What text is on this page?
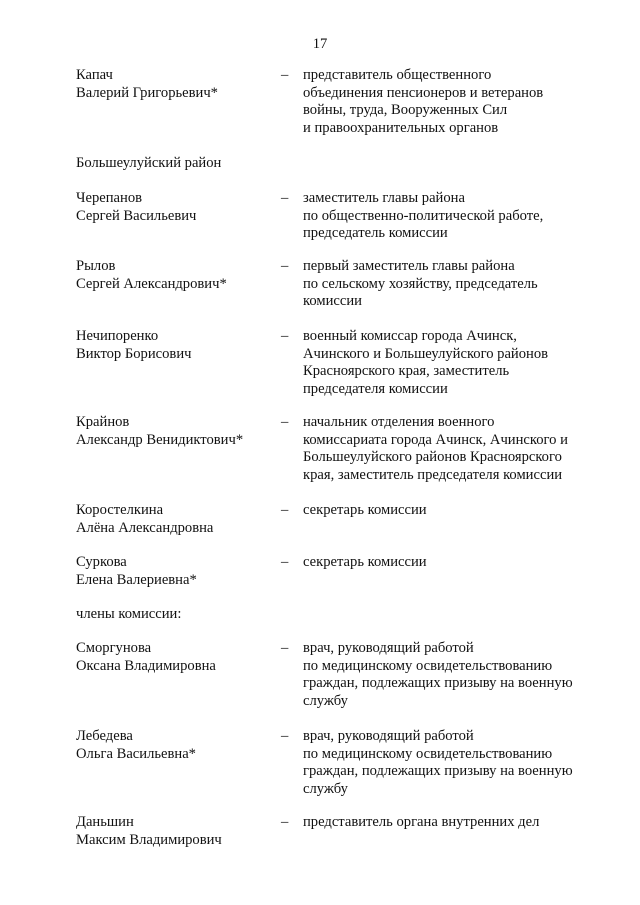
17
Капач
Валерий Григорьевич*
– представитель общественного
объединения пенсионеров и ветеранов
войны, труда, Вооруженных Сил
и правоохранительных органов
Большеулуйский район
Черепанов
Сергей Васильевич
– заместитель главы района
по общественно-политической работе,
председатель комиссии
Рылов
Сергей Александрович*
– первый заместитель главы района
по сельскому хозяйству, председатель
комиссии
Нечипоренко
Виктор Борисович
– военный комиссар города Ачинск,
Ачинского и Большеулуйского районов
Красноярского края, заместитель
председателя комиссии
Крайнов
Александр Венидиктович*
– начальник отделения военного
комиссариата города Ачинск, Ачинского и
Большеулуйского районов Красноярского
края, заместитель председателя комиссии
Коростелкина
Алёна Александровна
– секретарь комиссии
Суркова
Елена Валериевна*
– секретарь комиссии
члены комиссии:
Сморгунова
Оксана Владимировна
– врач, руководящий работой
по медицинскому освидетельствованию
граждан, подлежащих призыву на военную
службу
Лебедева
Ольга Васильевна*
– врач, руководящий работой
по медицинскому освидетельствованию
граждан, подлежащих призыву на военную
службу
Даньшин
Максим Владимирович
– представитель органа внутренних дел
